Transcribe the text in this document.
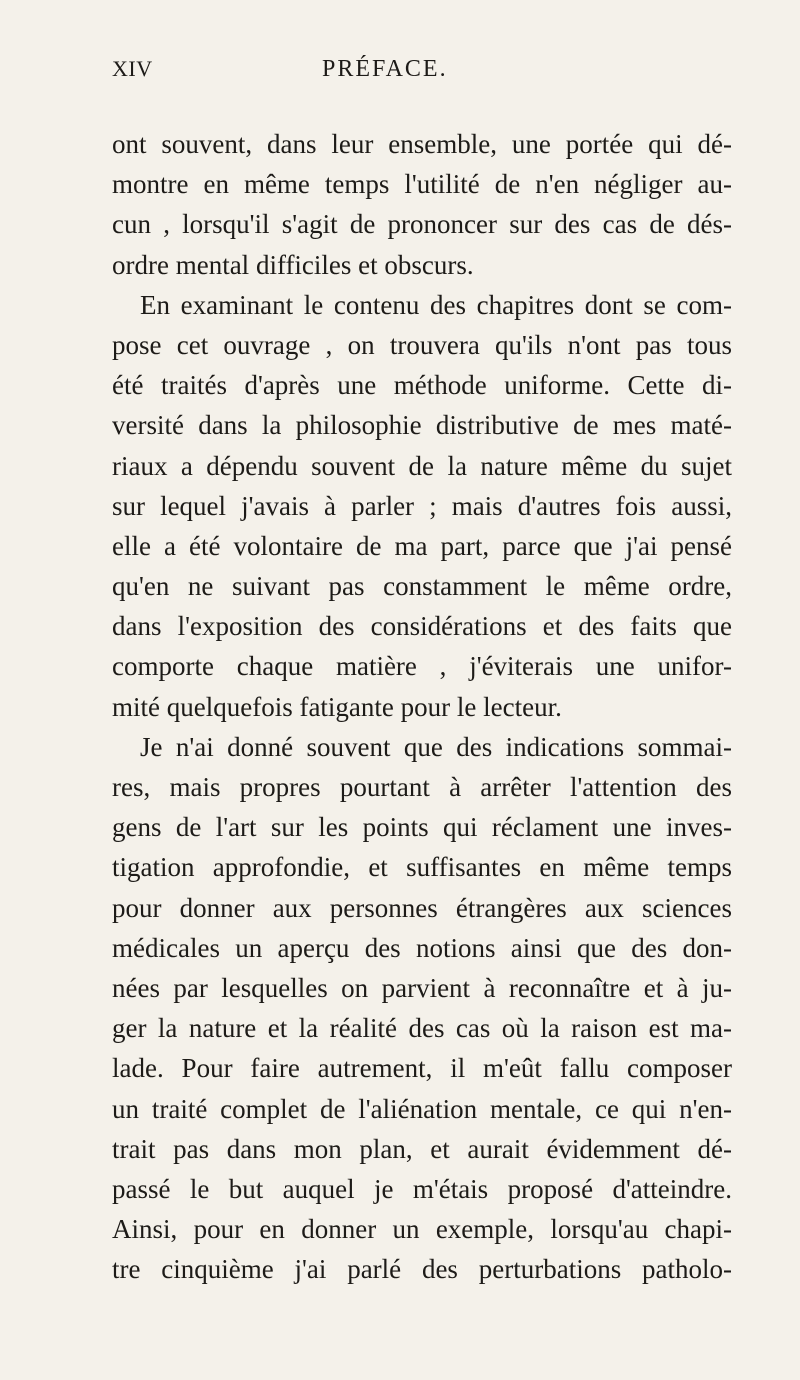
XIV	PRÉFACE.
ont souvent, dans leur ensemble, une portée qui dé-
montre en même temps l'utilité de n'en négliger au-
cun , lorsqu'il s'agit de prononcer sur des cas de dés-
ordre mental difficiles et obscurs.
En examinant le contenu des chapitres dont se com-
pose cet ouvrage , on trouvera qu'ils n'ont pas tous
été traités d'après une méthode uniforme. Cette di-
versité dans la philosophie distributive de mes maté-
riaux a dépendu souvent de la nature même du sujet
sur lequel j'avais à parler ; mais d'autres fois aussi,
elle a été volontaire de ma part, parce que j'ai pensé
qu'en ne suivant pas constamment le même ordre,
dans l'exposition des considérations et des faits que
comporte chaque matière , j'éviterais une unifor-
mité quelquefois fatigante pour le lecteur.
Je n'ai donné souvent que des indications sommai-
res, mais propres pourtant à arrêter l'attention des
gens de l'art sur les points qui réclament une inves-
tigation approfondie, et suffisantes en même temps
pour donner aux personnes étrangères aux sciences
médicales un aperçu des notions ainsi que des don-
nées par lesquelles on parvient à reconnaître et à ju-
ger la nature et la réalité des cas où la raison est ma-
lade. Pour faire autrement, il m'eût fallu composer
un traité complet de l'aliénation mentale, ce qui n'en-
trait pas dans mon plan, et aurait évidemment dé-
passé le but auquel je m'étais proposé d'atteindre.
Ainsi, pour en donner un exemple, lorsqu'au chapi-
tre cinquième j'ai parlé des perturbations patholo-
